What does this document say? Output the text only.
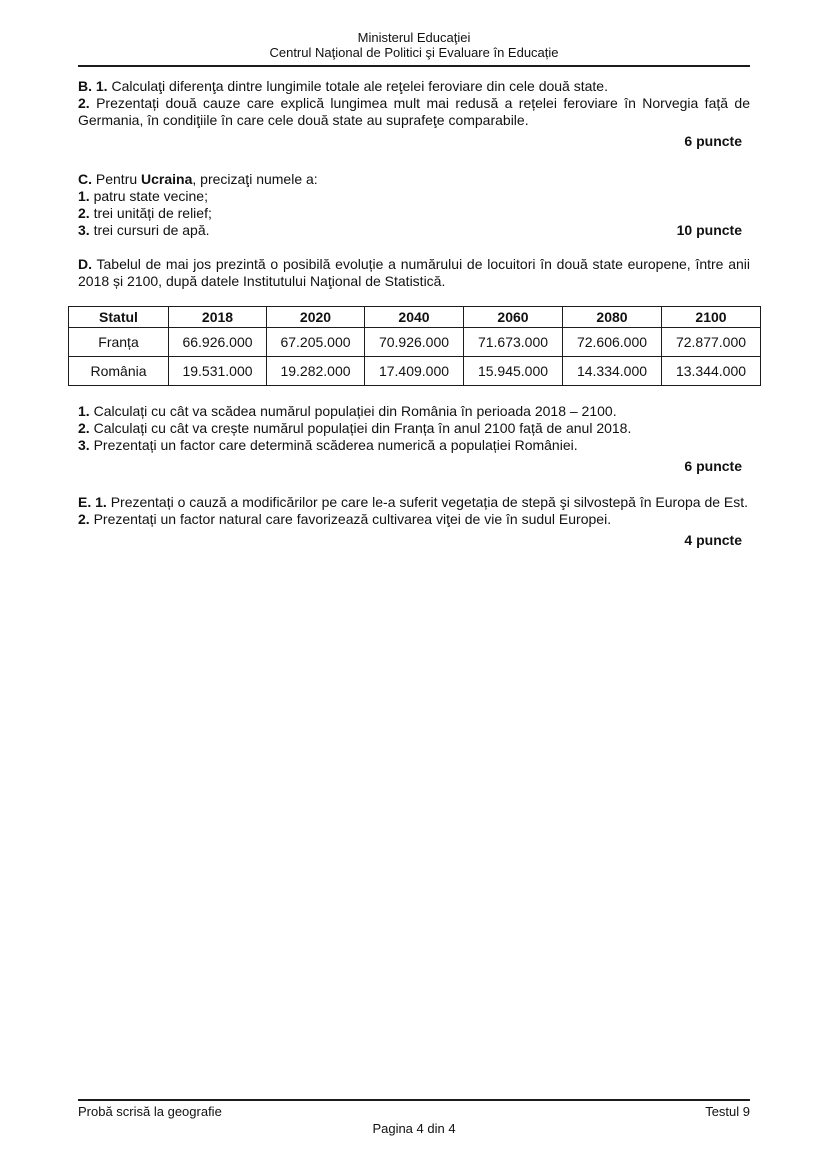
Ministerul Educaţiei
Centrul Naţional de Politici şi Evaluare în Educație

B. 1. Calculaţi diferenţa dintre lungimile totale ale reţelei feroviare din cele două state.

2. Prezentați două cauze care explică lungimea mult mai redusă a rețelei feroviare în Norvegia față de Germania, în condiţiile în care cele două state au suprafeţe comparabile.

6 puncte

C. Pentru Ucraina, precizaţi numele a:

1. patru state vecine;

2. trei unități de relief;

3. trei cursuri de apă.	10 puncte

D. Tabelul de mai jos prezintă o posibilă evoluție a numărului de locuitori în două state europene, între anii 2018 și 2100, după datele Institutului Naţional de Statistică.

Statul	2018	2020	2040	2060	2080	2100
Franța	66.926.000	67.205.000	70.926.000	71.673.000	72.606.000	72.877.000
România	19.531.000	19.282.000	17.409.000	15.945.000	14.334.000	13.344.000

1. Calculați cu cât va scădea numărul populației din România în perioada 2018 – 2100.

2. Calculați cu cât va crește numărul populației din Franța în anul 2100 față de anul 2018.

3. Prezentați un factor care determină scăderea numerică a populației României.

6 puncte

E. 1. Prezentați o cauză a modificărilor pe care le-a suferit vegetația de stepă şi silvostepă în Europa de Est.

2. Prezentați un factor natural care favorizează cultivarea viţei de vie în sudul Europei.

4 puncte
Probă scrisă la geografie	Testul 9
Pagina 4 din 4
